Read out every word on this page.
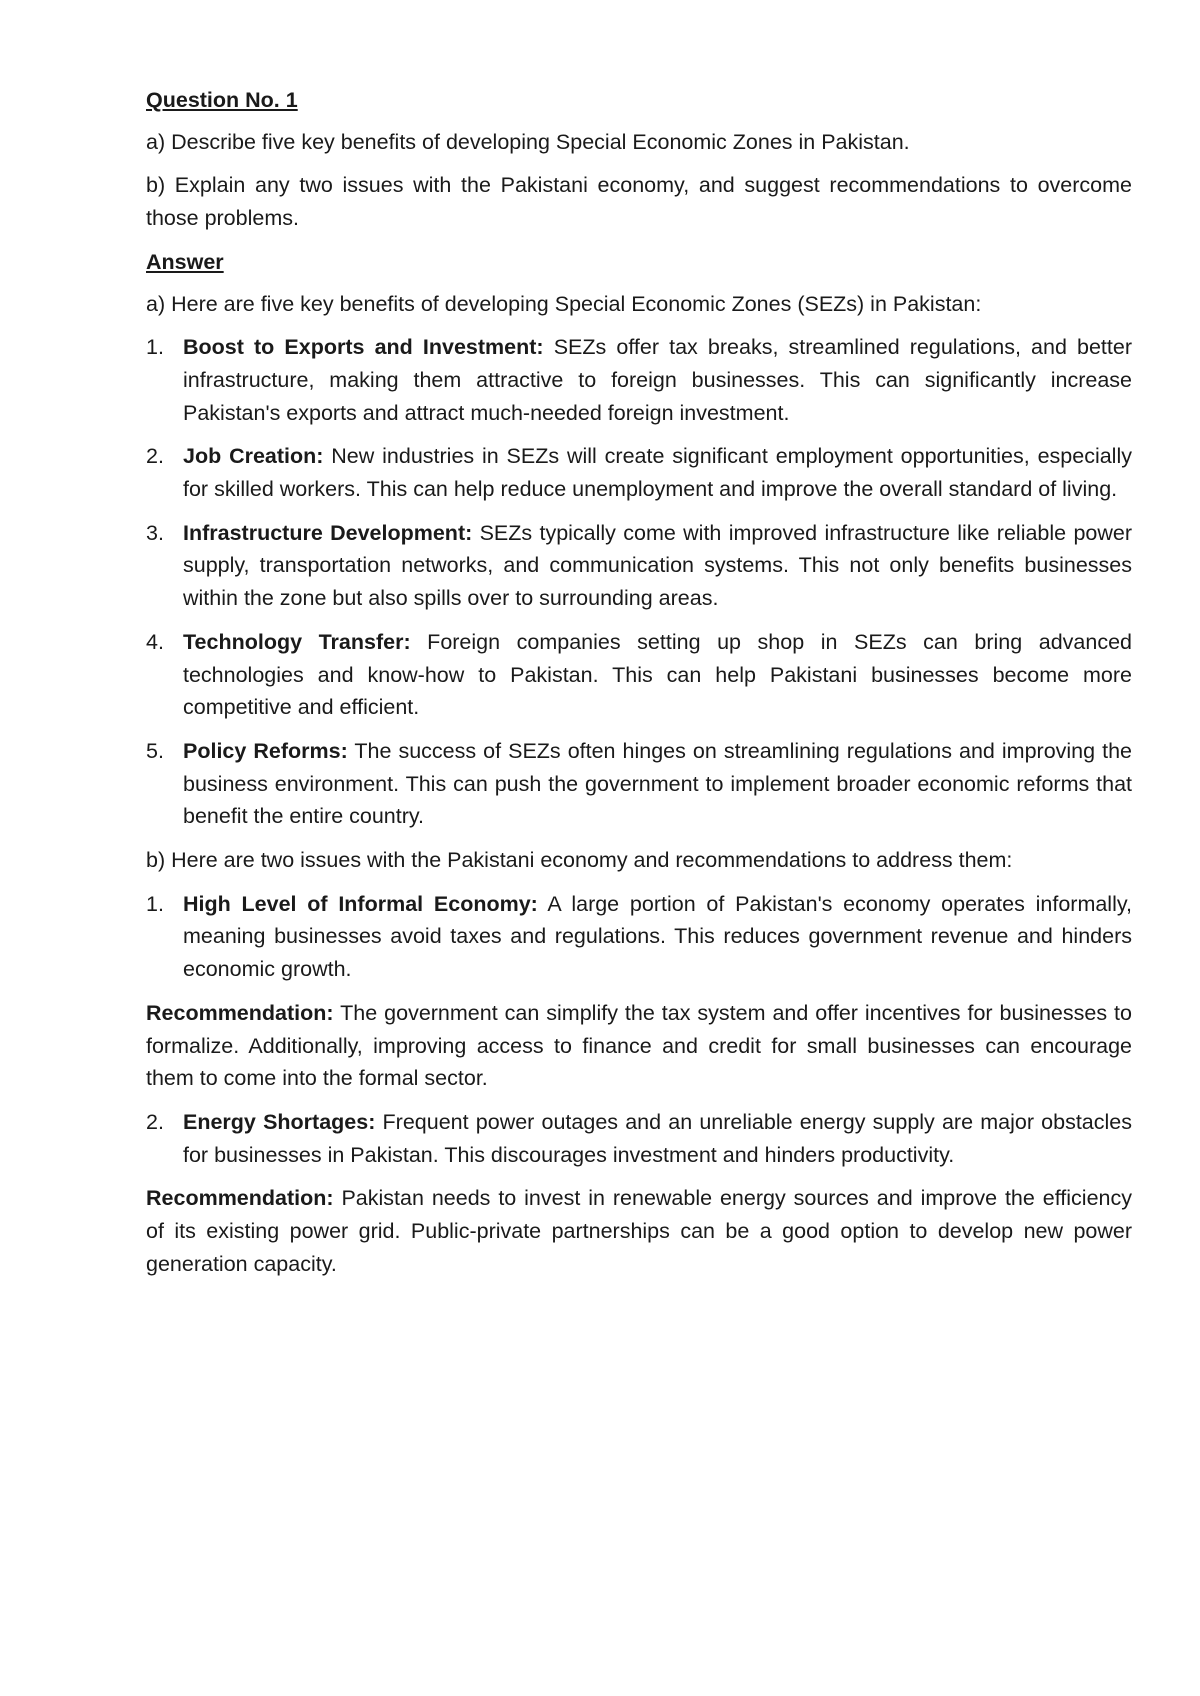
Question No. 1

a) Describe five key benefits of developing Special Economic Zones in Pakistan.

b) Explain any two issues with the Pakistani economy, and suggest recommendations to overcome those problems.

Answer

a) Here are five key benefits of developing Special Economic Zones (SEZs) in Pakistan:

1. Boost to Exports and Investment: SEZs offer tax breaks, streamlined regulations, and better infrastructure, making them attractive to foreign businesses. This can significantly increase Pakistan's exports and attract much-needed foreign investment.
2. Job Creation: New industries in SEZs will create significant employment opportunities, especially for skilled workers. This can help reduce unemployment and improve the overall standard of living.
3. Infrastructure Development: SEZs typically come with improved infrastructure like reliable power supply, transportation networks, and communication systems. This not only benefits businesses within the zone but also spills over to surrounding areas.
4. Technology Transfer: Foreign companies setting up shop in SEZs can bring advanced technologies and know-how to Pakistan. This can help Pakistani businesses become more competitive and efficient.
5. Policy Reforms: The success of SEZs often hinges on streamlining regulations and improving the business environment. This can push the government to implement broader economic reforms that benefit the entire country.

b) Here are two issues with the Pakistani economy and recommendations to address them:

1. High Level of Informal Economy: A large portion of Pakistan's economy operates informally, meaning businesses avoid taxes and regulations. This reduces government revenue and hinders economic growth.

Recommendation: The government can simplify the tax system and offer incentives for businesses to formalize. Additionally, improving access to finance and credit for small businesses can encourage them to come into the formal sector.

2. Energy Shortages: Frequent power outages and an unreliable energy supply are major obstacles for businesses in Pakistan. This discourages investment and hinders productivity.

Recommendation: Pakistan needs to invest in renewable energy sources and improve the efficiency of its existing power grid. Public-private partnerships can be a good option to develop new power generation capacity.
